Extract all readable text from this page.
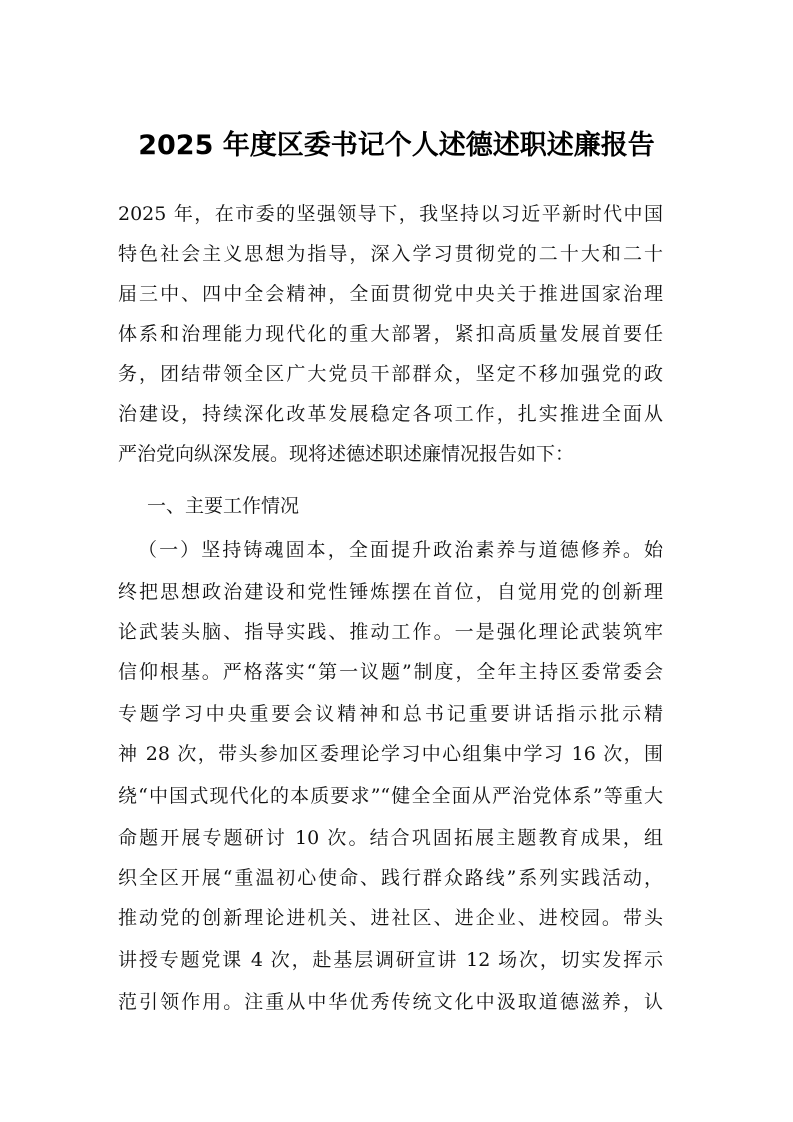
2025 年度区委书记个人述德述职述廉报告
2025 年，在市委的坚强领导下，我坚持以习近平新时代中国
特色社会主义思想为指导，深入学习贯彻党的二十大和二十
届三中、四中全会精神，全面贯彻党中央关于推进国家治理
体系和治理能力现代化的重大部署，紧扣高质量发展首要任
务，团结带领全区广大党员干部群众，坚定不移加强党的政
治建设，持续深化改革发展稳定各项工作，扎实推进全面从
严治党向纵深发展。现将述德述职述廉情况报告如下：
一、主要工作情况
（一）坚持铸魂固本，全面提升政治素养与道德修养。始
终把思想政治建设和党性锤炼摆在首位，自觉用党的创新理
论武装头脑、指导实践、推动工作。一是强化理论武装筑牢
信仰根基。严格落实“第一议题”制度，全年主持区委常委会
专题学习中央重要会议精神和总书记重要讲话指示批示精
神 28 次，带头参加区委理论学习中心组集中学习 16 次，围
绕“中国式现代化的本质要求”“健全全面从严治党体系”等重大
命题开展专题研讨 10 次。结合巩固拓展主题教育成果，组
织全区开展“重温初心使命、践行群众路线”系列实践活动，
推动党的创新理论进机关、进社区、进企业、进校园。带头
讲授专题党课 4 次，赴基层调研宣讲 12 场次，切实发挥示
范引领作用。注重从中华优秀传统文化中汲取道德滋养，认
